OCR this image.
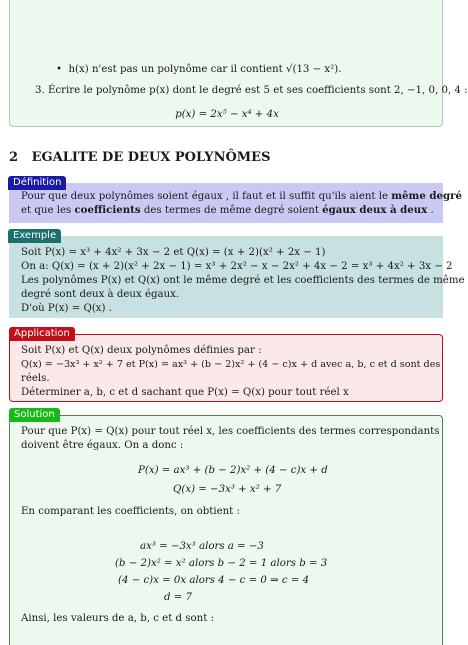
•  h(x) n'est pas un polynôme car il contient √(13 − x²).
3. Écrire le polynôme p(x) dont le degré est 5 et ses coefficients sont 2, −1, 0, 0, 4 :
p(x) = 2x⁵ − x⁴ + 4x
2 EGALITE DE DEUX POLYNÔMES
Définition
Pour que deux polynômes soient égaux , il faut et il suffit qu'ils aient le même degré
et que les coefficients des termes de même degré soient égaux deux à deux .
Exemple
Soit P(x) = x³ + 4x² + 3x − 2 et Q(x) = (x + 2)(x² + 2x − 1)
On a: Q(x) = (x + 2)(x² + 2x − 1) = x³ + 2x² − x − 2x² + 4x − 2 = x³ + 4x² + 3x − 2
Les polynômes P(x) et Q(x) ont le même degré et les coefficients des termes de même
degré sont deux à deux égaux.
D'où P(x) = Q(x) .
Application
Soit P(x) et Q(x) deux polynômes définies par :
Q(x) = −3x³ + x² + 7 et P(x) = ax³ + (b − 2)x² + (4 − c)x + d avec a, b, c et d sont des
réels.
Déterminer a, b, c et d sachant que P(x) = Q(x) pour tout réel x
Solution
Pour que P(x) = Q(x) pour tout réel x, les coefficients des termes correspondants
doivent être égaux. On a donc :
P(x) = ax³ + (b − 2)x² + (4 − c)x + d
Q(x) = −3x³ + x² + 7
En comparant les coefficients, on obtient :
ax³ = −3x³ alors a = −3
(b − 2)x² = x² alors b − 2 = 1 alors b = 3
(4 − c)x = 0x alors 4 − c = 0 ⇒ c = 4
d = 7
Ainsi, les valeurs de a, b, c et d sont :
